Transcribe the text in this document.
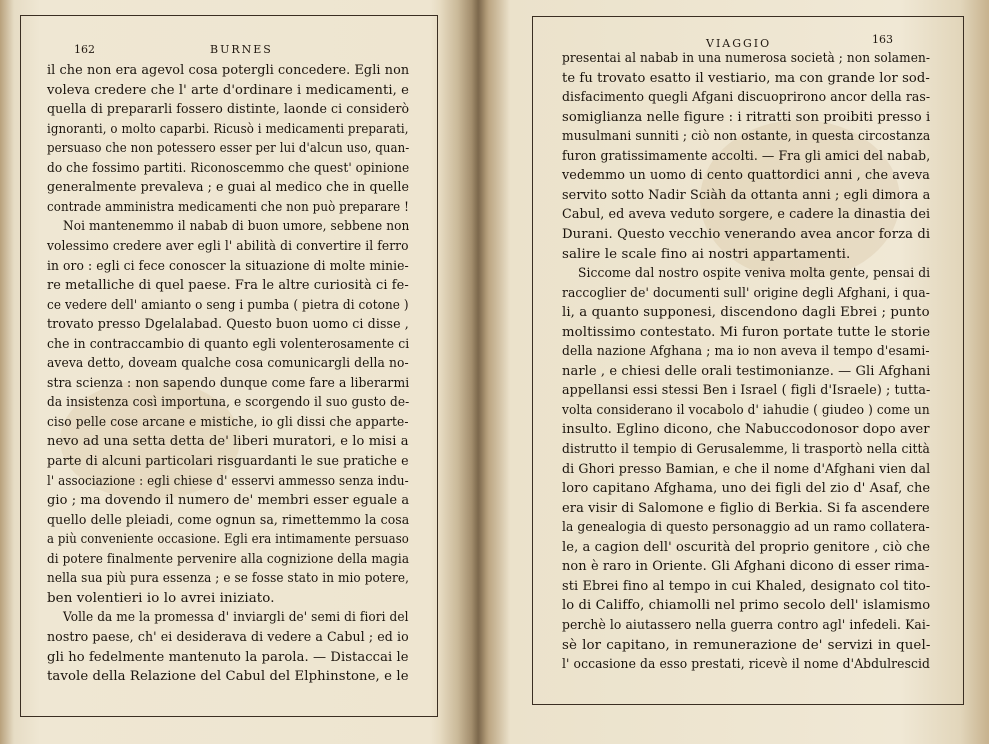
162	BURNES	VIAGGIO	163
il che non era agevol cosa potergli concedere. Egli non
voleva credere che l' arte d'ordinare i medicamenti, e
quella di prepararli fossero distinte, laonde ci considerò
ignoranti, o molto caparbi. Ricusò i medicamenti preparati,
persuaso che non potessero esser per lui d'alcun uso, quan-
do che fossimo partiti. Riconoscemmo che quest' opinione
generalmente prevaleva ; e guai al medico che in quelle
contrade amministra medicamenti che non può preparare !
Noi mantenemmo il nabab di buon umore, sebbene non
volessimo credere aver egli l' abilità di convertire il ferro
in oro : egli ci fece conoscer la situazione di molte minie-
re metalliche di quel paese. Fra le altre curiosità ci fe-
ce vedere dell' amianto o seng i pumba ( pietra di cotone )
trovato presso Dgelalabad. Questo buon uomo ci disse ,
che in contraccambio di quanto egli volenterosamente ci
aveva detto, doveam qualche cosa comunicargli della no-
stra scienza : non sapendo dunque come fare a liberarmi
da insistenza così importuna, e scorgendo il suo gusto de-
ciso pelle cose arcane e mistiche, io gli dissi che apparte-
nevo ad una setta detta de' liberi muratori, e lo misi a
parte di alcuni particolari risguardanti le sue pratiche e
l' associazione : egli chiese d' esservi ammesso senza indu-
gio ; ma dovendo il numero de' membri esser eguale a
quello delle pleiadi, come ognun sa, rimettemmo la cosa
a più conveniente occasione. Egli era intimamente persuaso
di potere finalmente pervenire alla cognizione della magia
nella sua più pura essenza ; e se fosse stato in mio potere,
ben volentieri io lo avrei iniziato.
Volle da me la promessa d' inviargli de' semi di fiori del
nostro paese, ch' ei desiderava di vedere a Cabul ; ed io
gli ho fedelmente mantenuto la parola. — Distaccai le
tavole della Relazione del Cabul del Elphinstone, e le
presentai al nabab in una numerosa società ; non solamen-
te fu trovato esatto il vestiario, ma con grande lor sod-
disfacimento quegli Afgani discuoprirono ancor della ras-
somiglianza nelle figure : i ritratti son proibiti presso i
musulmani sunniti ; ciò non ostante, in questa circostanza
furon gratissimamente accolti. — Fra gli amici del nabab,
vedemmo un uomo di cento quattordici anni , che aveva
servito sotto Nadir Sciàh da ottanta anni ; egli dimora a
Cabul, ed aveva veduto sorgere, e cadere la dinastia dei
Durani. Questo vecchio venerando avea ancor forza di
salire le scale fino ai nostri appartamenti.
Siccome dal nostro ospite veniva molta gente, pensai di
raccoglier de' documenti sull' origine degli Afghani, i qua-
li, a quanto supponesi, discendono dagli Ebrei ; punto
moltissimo contestato. Mi furon portate tutte le storie
della nazione Afghana ; ma io non aveva il tempo d'esami-
narle , e chiesi delle orali testimonianze. — Gli Afghani
appellansi essi stessi Ben i Israel ( figli d'Israele) ; tutta-
volta considerano il vocabolo d' iahudie ( giudeo ) come un
insulto. Eglino dicono, che Nabuccodonosor dopo aver
distrutto il tempio di Gerusalemme, li trasportò nella città
di Ghori presso Bamian, e che il nome d'Afghani vien dal
loro capitano Afghama, uno dei figli del zio d' Asaf, che
era visir di Salomone e figlio di Berkia. Si fa ascendere
la genealogia di questo personaggio ad un ramo collatera-
le, a cagion dell' oscurità del proprio genitore , ciò che
non è raro in Oriente. Gli Afghani dicono di esser rima-
sti Ebrei fino al tempo in cui Khaled, designato col tito-
lo di Califfo, chiamolli nel primo secolo dell' islamismo
perchè lo aiutassero nella guerra contro agl' infedeli. Kai-
sè lor capitano, in remunerazione de' servizi in quel-
l' occasione da esso prestati, ricevè il nome d'Abdulrescid
